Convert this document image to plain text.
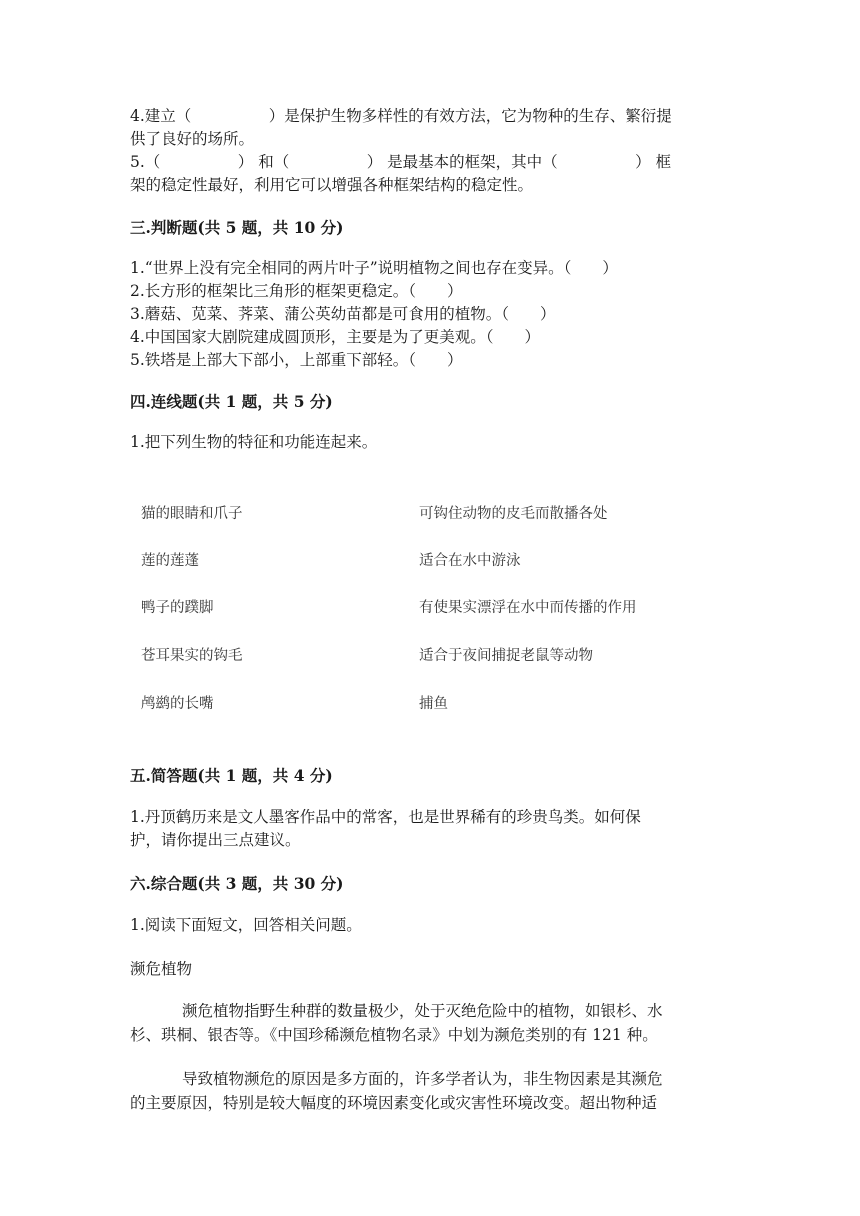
4.建立（　　　　　）是保护生物多样性的有效方法，它为物种的生存、繁衍提
供了良好的场所。
5.（　　　　　） 和（　　　　　） 是最基本的框架，其中（　　　　　） 框
架的稳定性最好，利用它可以增强各种框架结构的稳定性。
三.判断题(共 5 题，共 10 分)
1.“世界上没有完全相同的两片叶子”说明植物之间也存在变异。（　　）
2.长方形的框架比三角形的框架更稳定。（　　）
3.蘑菇、苋菜、荠菜、蒲公英幼苗都是可食用的植物。（　　）
4.中国国家大剧院建成圆顶形，主要是为了更美观。（　　）
5.铁塔是上部大下部小，上部重下部轻。（　　）
四.连线题(共 1 题，共 5 分)
1.把下列生物的特征和功能连起来。
猫的眼睛和爪子
莲的莲蓬
鸭子的蹼脚
苍耳果实的钩毛
鸬鹚的长嘴
可钩住动物的皮毛而散播各处
适合在水中游泳
有使果实漂浮在水中而传播的作用
适合于夜间捕捉老鼠等动物
捕鱼
五.简答题(共 1 题，共 4 分)
1.丹顶鹤历来是文人墨客作品中的常客，也是世界稀有的珍贵鸟类。如何保
护，请你提出三点建议。
六.综合题(共 3 题，共 30 分)
1.阅读下面短文，回答相关问题。
濒危植物
濒危植物指野生种群的数量极少，处于灭绝危险中的植物，如银杉、水
杉、珙桐、银杏等。《中国珍稀濒危植物名录》中划为濒危类别的有 121 种。
导致植物濒危的原因是多方面的，许多学者认为，非生物因素是其濒危
的主要原因，特别是较大幅度的环境因素变化或灾害性环境改变。超出物种适
